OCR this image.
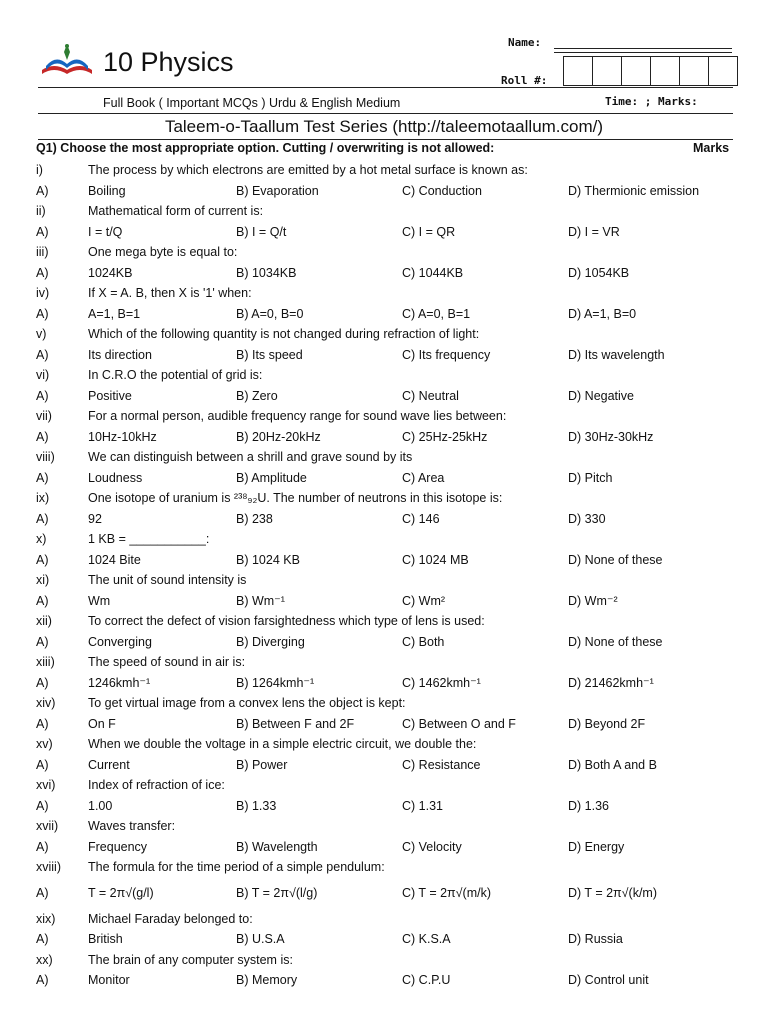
10 Physics
Name:
Roll #:
Full Book ( Important MCQs ) Urdu & English Medium	Time: ; Marks:
Taleem-o-Taallum Test Series (http://taleemotaallum.com/)
Q1) Choose the most appropriate option. Cutting / overwriting is not allowed:	Marks
i)	The process by which electrons are emitted by a hot metal surface is known as:
A)	Boiling	B) Evaporation	C) Conduction	D) Thermionic emission
ii)	Mathematical form of current is:
A)	I = t/Q	B) I = Q/t	C) I = QR	D) I = VR
iii)	One mega byte is equal to:
A)	1024KB	B) 1034KB	C) 1044KB	D) 1054KB
iv)	If X = A. B, then X is '1' when:
A)	A=1, B=1	B) A=0, B=0	C) A=0, B=1	D) A=1, B=0
v)	Which of the following quantity is not changed during refraction of light:
A)	Its direction	B) Its speed	C) Its frequency	D) Its wavelength
vi)	In C.R.O the potential of grid is:
A)	Positive	B) Zero	C) Neutral	D) Negative
vii)	For a normal person, audible frequency range for sound wave lies between:
A)	10Hz-10kHz	B) 20Hz-20kHz	C) 25Hz-25kHz	D) 30Hz-30kHz
viii)	We can distinguish between a shrill and grave sound by its
A)	Loudness	B) Amplitude	C) Area	D) Pitch
ix)	One isotope of uranium is ²³⁸₉₂U. The number of neutrons in this isotope is:
A)	92	B) 238	C) 146	D) 330
x)	1 KB = ___________:
A)	1024 Bite	B) 1024 KB	C) 1024 MB	D) None of these
xi)	The unit of sound intensity is
A)	Wm	B) Wm⁻¹	C) Wm²	D) Wm⁻²
xii)	To correct the defect of vision farsightedness which type of lens is used:
A)	Converging	B) Diverging	C) Both	D) None of these
xiii)	The speed of sound in air is:
A)	1246kmh⁻¹	B) 1264kmh⁻¹	C) 1462kmh⁻¹	D) 21462kmh⁻¹
xiv)	To get virtual image from a convex lens the object is kept:
A)	On F	B) Between F and 2F	C) Between O and F	D) Beyond 2F
xv)	When we double the voltage in a simple electric circuit, we double the:
A)	Current	B) Power	C) Resistance	D) Both A and B
xvi)	Index of refraction of ice:
A)	1.00	B) 1.33	C) 1.31	D) 1.36
xvii) Waves transfer:
A)	Frequency	B) Wavelength	C) Velocity	D) Energy
xviii) The formula for the time period of a simple pendulum:
A)	T = 2π√(g/l)	B) T = 2π√(l/g)	C) T = 2π√(m/k)	D) T = 2π√(k/m)
xix)	Michael Faraday belonged to:
A)	British	B) U.S.A	C) K.S.A	D) Russia
xx)	The brain of any computer system is:
A)	Monitor	B) Memory	C) C.P.U	D) Control unit
